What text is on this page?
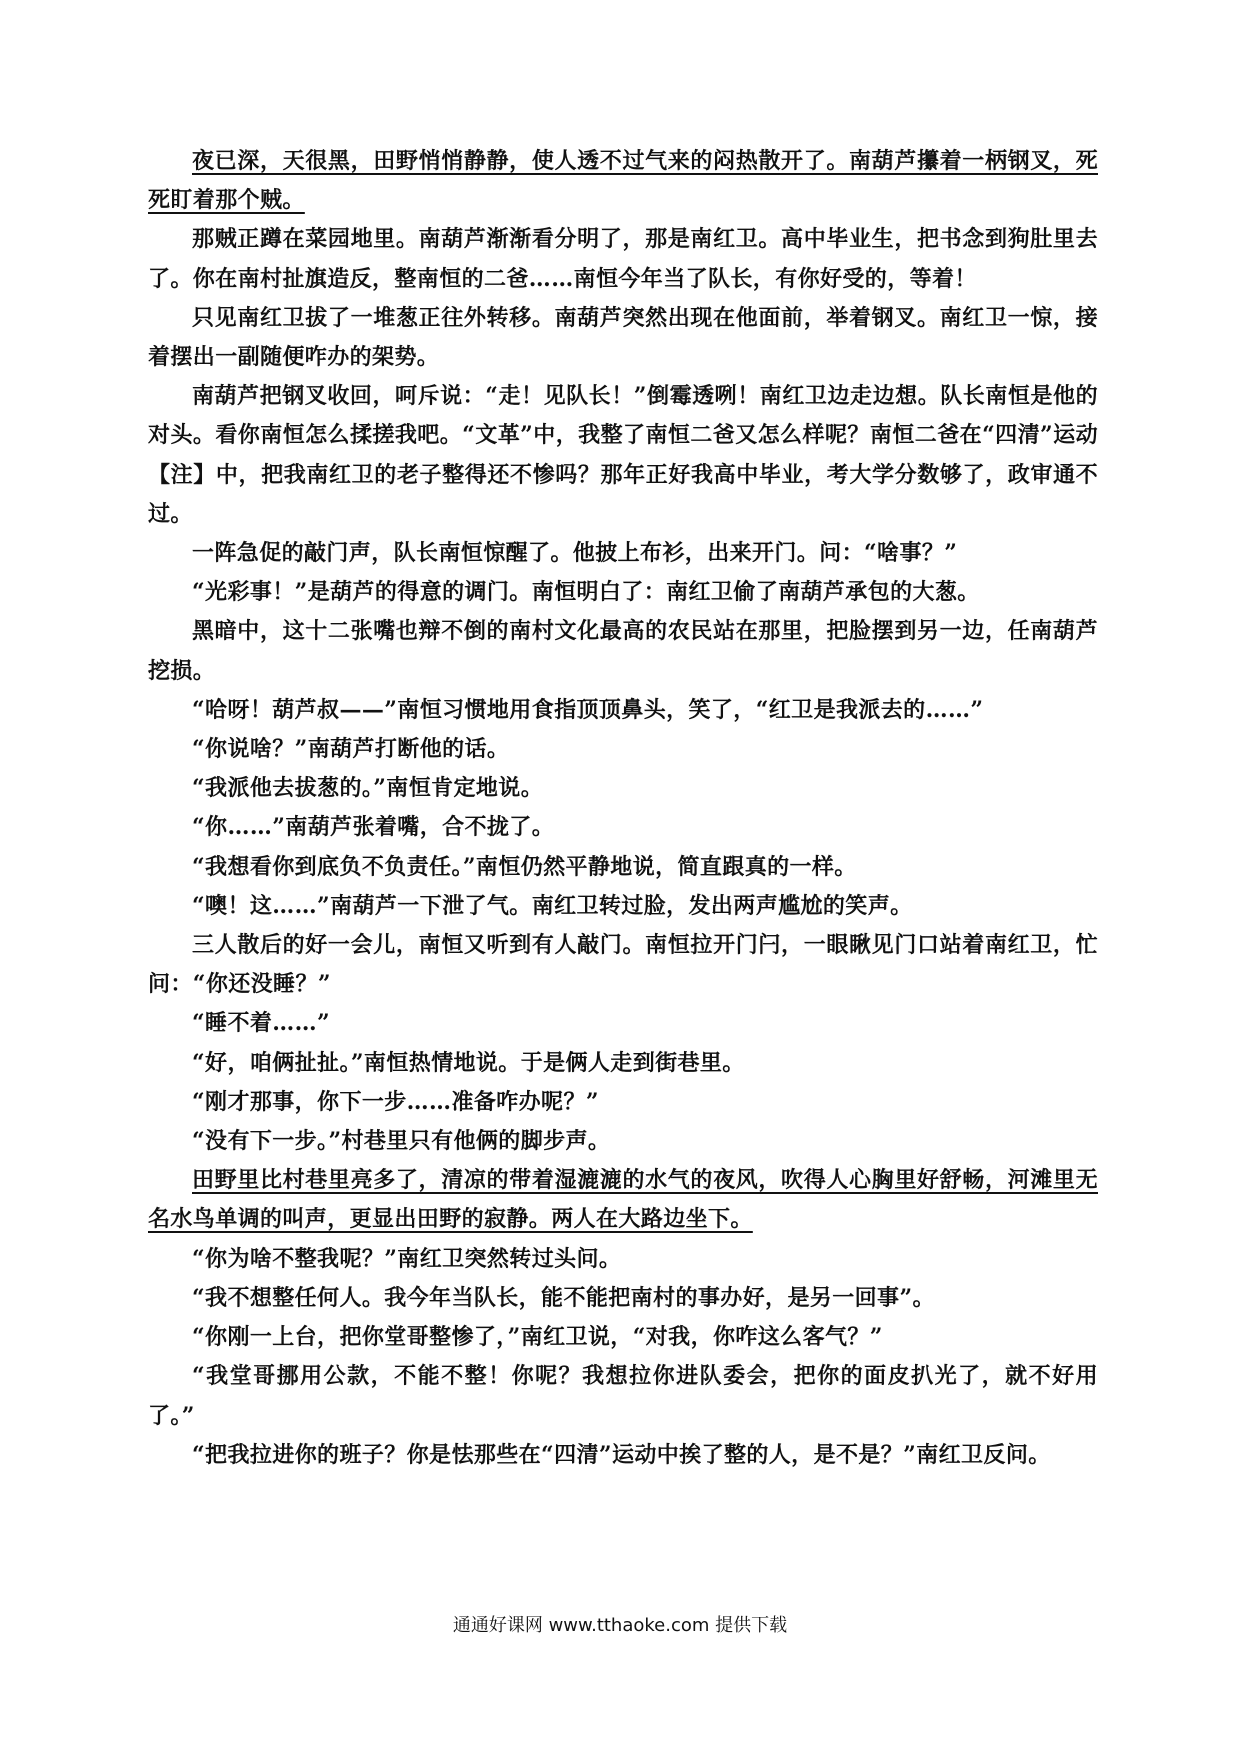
夜已深，天很黑，田野悄悄静静，使人透不过气来的闷热散开了。南葫芦攥着一柄钢叉，死死盯着那个贼。

那贼正蹲在菜园地里。南葫芦渐渐看分明了，那是南红卫。高中毕业生，把书念到狗肚里去了。你在南村扯旗造反，整南恒的二爸……南恒今年当了队长，有你好受的，等着！

只见南红卫拔了一堆葱正往外转移。南葫芦突然出现在他面前，举着钢叉。南红卫一惊，接着摆出一副随便咋办的架势。

南葫芦把钢叉收回，呵斥说：“走！见队长！”倒霉透咧！南红卫边走边想。队长南恒是他的对头。看你南恒怎么揉搓我吧。“文革”中，我整了南恒二爸又怎么样呢？南恒二爸在“四清”运动【注】中，把我南红卫的老子整得还不惨吗？那年正好我高中毕业，考大学分数够了，政审通不过。

一阵急促的敲门声，队长南恒惊醒了。他披上布衫，出来开门。问：“啥事？”

“光彩事！”是葫芦的得意的调门。南恒明白了：南红卫偷了南葫芦承包的大葱。

黑暗中，这十二张嘴也辩不倒的南村文化最高的农民站在那里，把脸摆到另一边，任南葫芦挖损。

“哈呀！葫芦叔——”南恒习惯地用食指顶顶鼻头，笑了，“红卫是我派去的……”

“你说啥？”南葫芦打断他的话。

“我派他去拔葱的。”南恒肯定地说。

“你……”南葫芦张着嘴，合不拢了。

“我想看你到底负不负责任。”南恒仍然平静地说，简直跟真的一样。

“噢！这……”南葫芦一下泄了气。南红卫转过脸，发出两声尴尬的笑声。

三人散后的好一会儿，南恒又听到有人敲门。南恒拉开门闩，一眼瞅见门口站着南红卫，忙问：“你还没睡？”

“睡不着……”

“好，咱俩扯扯。”南恒热情地说。于是俩人走到街巷里。

“刚才那事，你下一步……准备咋办呢？”

“没有下一步。”村巷里只有他俩的脚步声。

田野里比村巷里亮多了，清凉的带着湿漉漉的水气的夜风，吹得人心胸里好舒畅，河滩里无名水鸟单调的叫声，更显出田野的寂静。两人在大路边坐下。

“你为啥不整我呢？”南红卫突然转过头问。

“我不想整任何人。我今年当队长，能不能把南村的事办好，是另一回事”。

“你刚一上台，把你堂哥整惨了，”南红卫说，“对我，你咋这么客气？”

“我堂哥挪用公款，不能不整！你呢？我想拉你进队委会，把你的面皮扒光了，就不好用了。”

“把我拉进你的班子？你是怯那些在“四清”运动中挨了整的人，是不是？”南红卫反问。

通通好课网 www.tthaoke.com 提供下载
